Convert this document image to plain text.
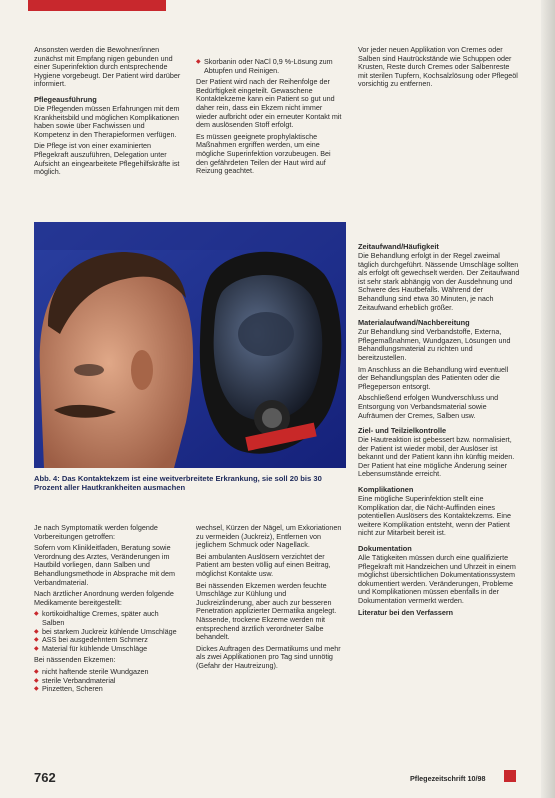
Ansonsten werden die Bewohner/innen zunächst mit Empfang nigen gebunden und einer Superinfektion durch entsprechende Hygiene vorgebeugt. Der Patient wird darüber informiert.

Pflegeausführung

Die Pflegenden müssen Erfahrungen mit dem Krankheitsbild und möglichen Komplikationen haben sowie über Fachwissen und Kompetenz in den Therapieformen verfügen.

Die Pflege ist von einer examinierten Pflegekraft auszuführen, Delegation unter Aufsicht an eingearbeitete Pflegehilfskräfte ist möglich.

◆ Skorbanin oder NaCl 0,9 %-Lösung zum Abtupfen und Reinigen.

Der Patient wird nach der Reihenfolge der Bedürftigkeit eingeteilt. Gewaschene Kontaktekzeme kann ein Patient so gut und daher rein, dass ein Ekzem nicht immer wieder aufbricht oder ein erneuter Kontakt mit dem auslösenden Stoff erfolgt.

Es müssen geeignete prophylaktische Maßnahmen ergriffen werden, um eine mögliche Superinfektion vorzubeugen. Bei den gefährdeten Teilen der Haut wird auf Reizung geachtet.

Vor jeder neuen Applikation von Cremes oder Salben sind Hautrückstände wie Schuppen oder Krusten, Reste durch Cremes oder Salbenreste mit sterilen Tupfern, Kochsalzlösung oder Pflegeöl vorsichtig zu entfernen.

Abb. 4: Das Kontaktekzem ist eine weitverbreitete Erkrankung, sie soll 20 bis 30 Prozent aller Hautkrankheiten ausmachen

Je nach Symptomatik werden folgende Vorbereitungen getroffen:

Sofern vom Klinikleitfaden, Beratung sowie Verordnung des Arztes, Veränderungen im Hautbild vorliegen, dann Salben und Behandlungsmethode in Absprache mit dem Verbandmaterial.

Nach ärztlicher Anordnung werden folgende Medikamente bereitgestellt:

◆ kortikoidhaltige Cremes, später auch Salben
◆ bei starkem Juckreiz kühlende Umschläge
◆ ASS bei ausgedehntem Schmerz
◆ Material für kühlende Umschläge

Bei nässenden Ekzemen:

◆ nicht haftende sterile Wundgazen
◆ sterile Verbandmaterial
◆ Pinzetten, Scheren

wechsel, Kürzen der Nägel, um Exkoriationen zu vermeiden (Juckreiz), Entfernen von jeglichem Schmuck oder Nagellack.

Bei ambulanten Auslösern verzichtet der Patient am besten völlig auf einen Beitrag, möglichst Kontakte usw.

Bei nässenden Ekzemen werden feuchte Umschläge zur Kühlung und Juckreizlinderung, aber auch zur besseren Penetration applizierter Dermatika angelegt. Nässende, trockene Ekzeme werden mit entsprechend ärztlich verordneter Salbe behandelt.

Dickes Auftragen des Dermatikums und mehr als zwei Applikationen pro Tag sind unnötig (Gefahr der Hautreizung).

Zeitaufwand/Häufigkeit

Die Behandlung erfolgt in der Regel zweimal täglich durchgeführt. Nässende Umschläge sollten als erfolgt oft gewechselt werden. Der Zeitaufwand ist sehr stark abhängig von der Ausdehnung und Schwere des Hautbefalls. Während der Behandlung sind etwa 30 Minuten, je nach Zeitaufwand erheblich größer.

Materialaufwand/Nachbereitung

Zur Behandlung sind Verbandstoffe, Externa, Pflegemaßnahmen, Wundgazen, Lösungen und Behandlungsmaterial zu richten und bereitzustellen.

Im Anschluss an die Behandlung wird eventuell der Behandlungsplan des Patienten oder die Pflegeperson entsorgt.

Abschließend erfolgen Wundverschluss und Entsorgung von Verbandsmaterial sowie Aufräumen der Cremes, Salben usw.

Ziel- und Teilzielkontrolle

Die Hautreaktion ist gebessert bzw. normalisiert, der Patient ist wieder mobil, der Auslöser ist bekannt und der Patient kann ihn künftig meiden. Der Patient hat eine mögliche Änderung seiner Lebensumstände erreicht.

Komplikationen

Eine mögliche Superinfektion stellt eine Komplikation dar, die Nicht-Auffinden eines potentiellen Auslösers des Kontaktekzems. Eine weitere Komplikation entsteht, wenn der Patient nicht zur Mitarbeit bereit ist.

Dokumentation

Alle Tätigkeiten müssen durch eine qualifizierte Pflegekraft mit Handzeichen und Uhrzeit in einem möglichst übersichtlichen Dokumentationssystem dokumentiert werden. Veränderungen, Probleme und Komplikationen müssen ebenfalls in der Dokumentation vermerkt werden.

Literatur bei den Verfassern

762	Pflegezeitschrift 10/98
